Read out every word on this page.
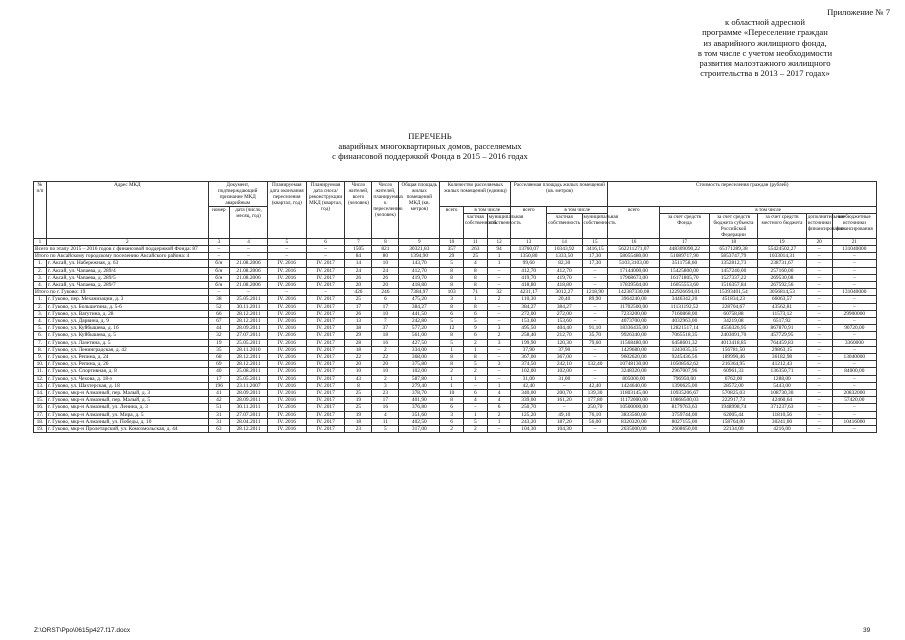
Приложение № 7
к областной адресной
программе «Переселение граждан
из аварийного жилищного фонда,
в том числе с учетом необходимости
развития малоэтажного жилищного
строительства в 2013 – 2017 годах»
ПЕРЕЧЕНЬ
аварийных многоквартирных домов, расселяемых
с финансовой поддержкой Фонда в 2015 – 2016 годах
№ п/п	Адрес МКД	Документ, подтверждающий признание МКД аварийным		Планируемая дата окончания переселения (квартал, год)	Планируемая дата сноса/ реконструкции МКД (квартал, год)	Число жителей, всего (человек)	Число жителей, планируемых к переселению (человек)	Общая площадь жилых помещений МКД (кв. метров)	Количество расселяемых жилых помещений (единиц)			Расселяемая площадь жилых помещений (кв. метров)			Стоимость переселения граждан (рублей)					
		номер	дата (число, месяц, год)						всего	в том числе		всего	в том числе		всего	в том числе				
										частная собственность	муниципальная собственность		частная собственность	муниципальная собственность		за счет средств Фонда	за счет средств бюджета субъекта Российской Федерации	за счет средств местного бюджета	дополнительные источники финансирования	внебюджетные источники финансирования
1	2	3	4	5	6	7	8	9	10	11	12	13	14	15	16	17	18	19	20	21
Всего по этапу 2015 – 2016 годов с финансовой поддержкой Фонда: 87		–	–	–	–	1505	821	30321,83	357	263	94	13760,07	10343,92	3416,15	562211271,07	448309090,22	65171289,38	55424502,27	–	131040000
Итого по Аксайскому городскому поселению Аксайского района: 4		–	–	–	–	84	80	1394,90	29	25	1	1350,80	1333,50	17,30	58055480,00	51089717,90	5853747,79	1033014,31	–	–
1.	г. Аксай, ул. Набережная, д. 63	б/н	21.08.2006	IV. 2016	IV. 2017	14	10	143,70	5	4	1	99,60	82,30	17,30	5103,3103,00	3511758,60	1352812,73	238731,67	–	–
2.	г. Аксай, ул. Чапаева, д. 289/4	б/н	21.08.2006	IV. 2016	IV. 2017	24	24	412,70	8	8	–	412,70	412,70	–	17144000,00	15425800,00	1457240,00	257160,00	–	–
3.	г. Аксай, ул. Чапаева, д. 289/5	б/н	21.08.2006	IV. 2016	IV. 2017	26	26	419,70	8	8	–	419,70	419,70	–	17968673,00	16171805,70	1527337,22	269530,08	–	–
4.	г. Аксай, ул. Чапаева, д. 289/7	б/н	21.08.2006	IV. 2016	IV. 2017	20	20	418,80	8	8	–	418,80	418,80	–	17839504,00	16055553,60	1516357,84	267592,56	–	–
Итого по г. Гуково: 19		–	–	–	–	426	246	7384,97	103	71	32	4231,17	3012,27	1218,90	142387330,08	122926694,01	15393401,54	3056814,53	–	131040000
1.	г. Гуково, пер. Механизации, д. 3	38	25.05.2011	IV. 2016	IV. 2017	25	6	475,20	3	1	2	110,30	20,40	89,90	3964240,00	3446342,20	451834,23	66063,57	–	–
2.	г. Гуково, ул. Большетина, д. 5-6	52	30.11.2011	IV. 2016	IV. 2017	17	17	384,27	8	8	–	384,27	384,27	–	11702500,00	11131192,52	228704,67	43562,81	–	–
3.	г. Гуково, ул. Ватутина, д. 28	66	28.12.2011	IV. 2016	IV. 2017	26	10	441,50	6	6	–	272,00	272,00	–	7233200,00	7160868,00	60758,88	11573,12	–	29900000
4.	г. Гуково, ул. Дарвина, д. 9	67	28.12.2011	IV. 2016	IV. 2017	13	7	242,80	5	5	–	153,60	153,60	–	4073700,00	4032963,00	34219,08	6517,92	–	–
5.	г. Гуково, ул. Куйбышева, д. 16	44	28.09.2011	IV. 2016	IV. 2017	38	37	577,20	12	9	3	495,50	404,40	91,10	18336435,00	12821517,14	4556326,95	867870,91	–	90720,00
6.	г. Гуково, ул. Куйбышева, д. 5	32	27.07.2011	IV. 2016	IV. 2017	29	18	561,00	8	6	2	258,40	212,70	35,70	9926340,00	7065518,35	2403091,70	457729,95	–	–
7.	г. Гуково, ул. Лазетина, д. 5	19	25.05.2011	IV. 2016	IV. 2017	28	16	427,50	5	2	3	199,90	120,30	79,60	11568480,00	6458601,32	4013418,85	764459,83	–	3360000
8.	г. Гуково, ул. Ленинградская, д. 42	35	28.11.2010	IV. 2016	IV. 2017	18	2	334,00	1	1	–	37,90	37,90	–	1429680,00	1243035,35	156781,50	29863,15	–	–
9.	г. Гуково, ул. Репина, д. 24	68	28.12.2011	IV. 2016	IV. 2017	22	22	368,00	8	8	–	367,00	367,00	–	9602620,00	9245436,56	189990,46	36182,98	–	13040000
10.	г. Гуково, ул. Репина, д. 26	69	28.12.2011	IV. 2016	IV. 2017	20	20	375,80	8	5	3	374,50	242,10	132,40	10748130,00	10508562,62	216364,95	41212,43	–	–
11.	г. Гуково, ул. Спортивная, д. 8	40	25.08.2011	IV. 2016	IV. 2017	10	10	102,00	2	2	–	102,00	102,00	–	3248320,00	2967007,96	60961,33	136350,71	–	84000,00
12.	г. Гуково, ул. Чехова, д. 18-з	17	25.05.2011	IV. 2016	IV. 2017	43	2	587,80	1	1	–	31,00	31,00	–	805000,00	796950,00	6762,00	1288,00	–	–
13.	г. Гуково, ул. Шахтерская, д. 18	196	23.11.2007	IV. 2016	IV. 2017	8	3	279,40	1	–	1	42,40	–	42,40	1424640,00	1390625,00	28572,00	5443,00	–	–
14.	г. Гуково, мкр-н Алмазный, пер. Малый, д. 3	41	28.09.2011	IV. 2016	IV. 2017	25	23	378,70	10	6	4	340,00	200,70	139,30	11803145,00	10935206,67	570825,03	108730,30	–	20832000
15.	г. Гуково, мкр-н Алмазный, пер. Малый, д. 5	42	28.09.2011	IV. 2016	IV. 2017	19	17	401,90	8	4	4	339,00	161,20	177,80	11172000,00	10868500,03	222917,73	42460,64	–	57420,00
16.	г. Гуково, мкр-н Алмазный, ул. Ленина, д. 3	51	30.11.2011	IV. 2016	IV. 2017	25	16	376,80	6	–	6	250,70	–	250,70	10500000,00	8179763,63	1948998,74	371237,63	–	–
17.	г. Гуково, мкр-н Алмазный, ул. Мира, д. 5	31	27.07.2011	IV. 2016	IV. 2017	19	4	351,60	3	1	2	125,20	49,10	76,10	3833560,00	3759744,00	62005,44	11810,56	–	–
18.	г. Гуково, мкр-н Алмазный, ул. Победы, д. 10	31	28.04.2011	IV. 2016	IV. 2017	18	11	402,50	6	5	1	243,20	187,20	56,00	8320320,00	8027155,00	158764,00	30241,00	–	10416000
19.	г. Гуково, мкр-н Пролетарский, ул. Комсомольская, д. 44	63	28.12.2011	IV. 2016	IV. 2017	23	5	317,00	2	2	–	104,30	104,30	–	2635000,00	2608650,00	22134,00	4216,00	–	–
Z:\ORST\Ppo\0615p427.f17.docx	39
